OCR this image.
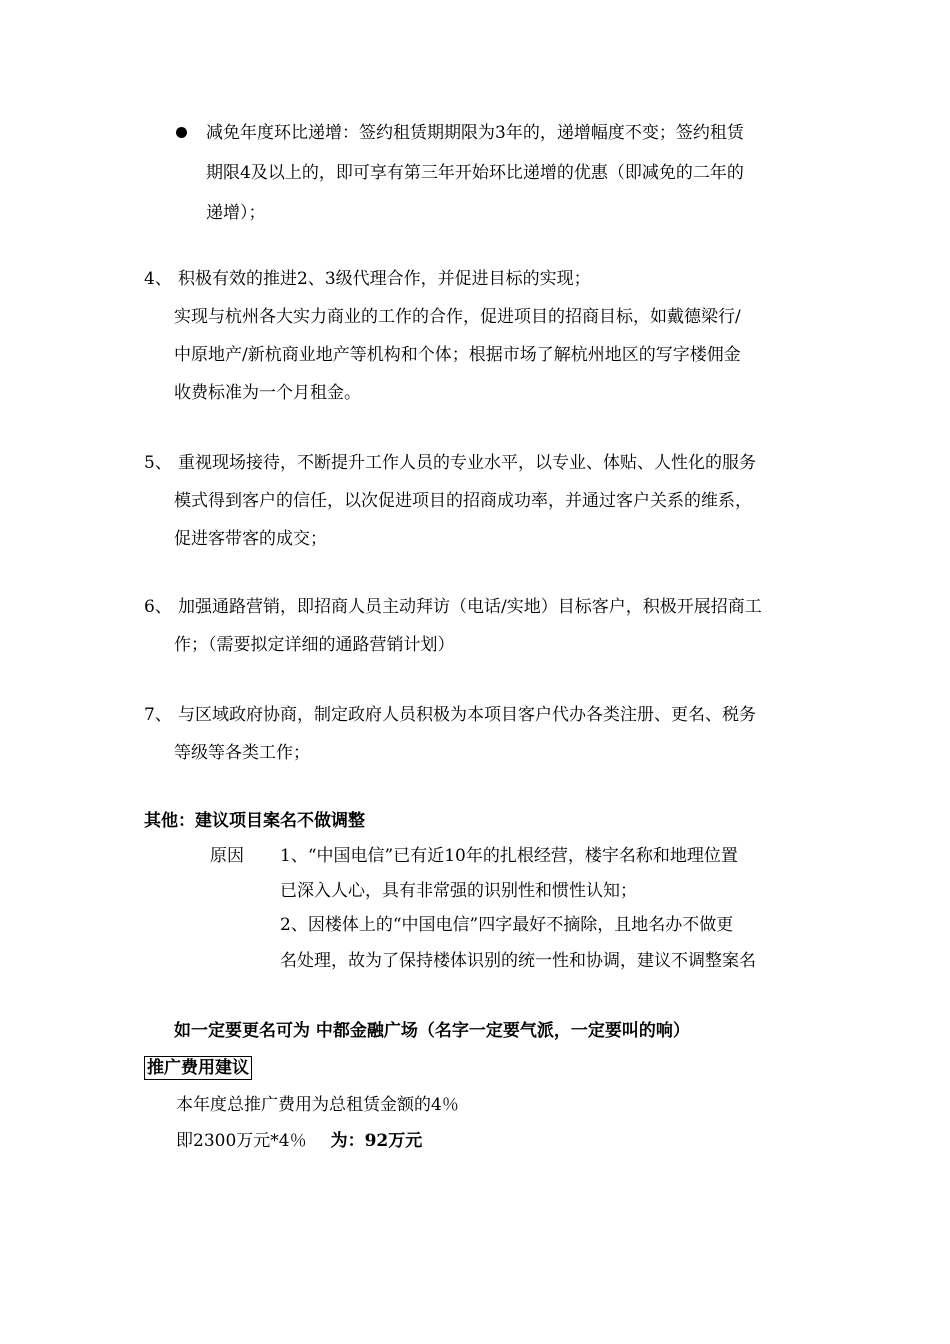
减免年度环比递增：签约租赁期期限为3年的，递增幅度不变；签约租赁
期限4及以上的，即可享有第三年开始环比递增的优惠（即减免的二年的
递增）；
4、 积极有效的推进2、3级代理合作，并促进目标的实现；
实现与杭州各大实力商业的工作的合作，促进项目的招商目标，如戴德梁行/
中原地产/新杭商业地产等机构和个体；根据市场了解杭州地区的写字楼佣金
收费标准为一个月租金。
5、 重视现场接待，不断提升工作人员的专业水平，以专业、体贴、人性化的服务
模式得到客户的信任，以次促进项目的招商成功率，并通过客户关系的维系，
促进客带客的成交；
6、 加强通路营销，即招商人员主动拜访（电话/实地）目标客户，积极开展招商工
作；（需要拟定详细的通路营销计划）
7、 与区域政府协商，制定政府人员积极为本项目客户代办各类注册、更名、税务
等级等各类工作；
其他：建议项目案名不做调整
原因 1、“中国电信”已有近10年的扎根经营，楼宇名称和地理位置
已深入人心，具有非常强的识别性和惯性认知；
2、因楼体上的“中国电信”四字最好不摘除，且地名办不做更
名处理，故为了保持楼体识别的统一性和协调，建议不调整案名
如一定要更名可为 中都金融广场（名字一定要气派，一定要叫的响）
推广费用建议
本年度总推广费用为总租赁金额的4％
即2300万元*4％ 为：92万元
